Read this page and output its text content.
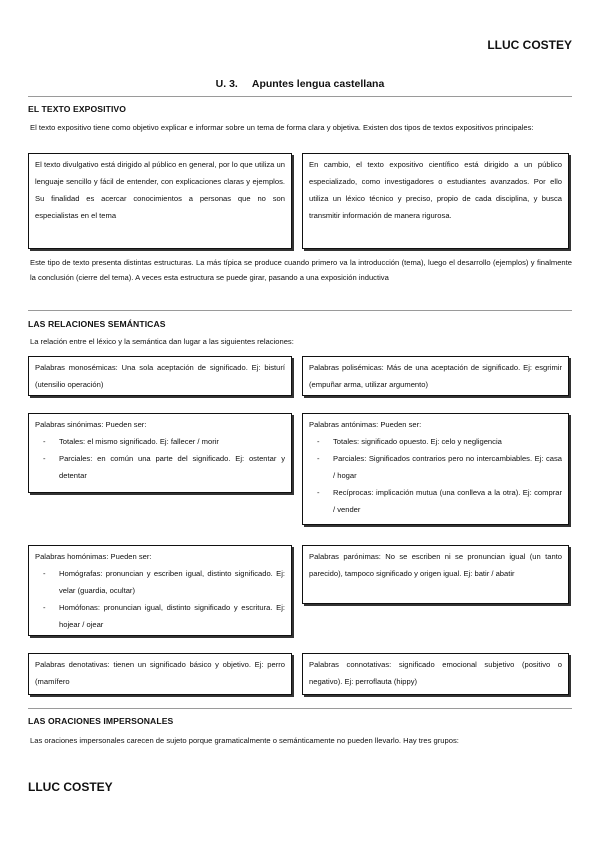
LLUC COSTEY
U. 3. Apuntes lengua castellana
EL TEXTO EXPOSITIVO
El texto expositivo tiene como objetivo explicar e informar sobre un tema de forma clara y objetiva. Existen dos tipos de textos expositivos principales:
El texto divulgativo está dirigido al público en general, por lo que utiliza un lenguaje sencillo y fácil de entender, con explicaciones claras y ejemplos. Su finalidad es acercar conocimientos a personas que no son especialistas en el tema
En cambio, el texto expositivo científico está dirigido a un público especializado, como investigadores o estudiantes avanzados. Por ello utiliza un léxico técnico y preciso, propio de cada disciplina, y busca transmitir información de manera rigurosa.
Este tipo de texto presenta distintas estructuras. La más típica se produce cuando primero va la introducción (tema), luego el desarrollo (ejemplos) y finalmente la conclusión (cierre del tema). A veces esta estructura se puede girar, pasando a una exposición inductiva
LAS RELACIONES SEMÁNTICAS
La relación entre el léxico y la semántica dan lugar a las siguientes relaciones:
Palabras monosémicas: Una sola aceptación de significado. Ej: bisturí (utensilio operación)
Palabras polisémicas: Más de una aceptación de significado. Ej: esgrimir (empuñar arma, utilizar argumento)
Palabras sinónimas: Pueden ser:
- Totales: el mismo significado. Ej: fallecer / morir
- Parciales: en común una parte del significado. Ej: ostentar y detentar
Palabras antónimas: Pueden ser:
- Totales: significado opuesto. Ej: celo y negligencia
- Parciales: Significados contrarios pero no intercambiables. Ej: casa / hogar
- Recíprocas: implicación mutua (una conlleva a la otra). Ej: comprar / vender
Palabras homónimas: Pueden ser:
- Homógrafas: pronuncian y escriben igual, distinto significado. Ej: velar (guardia, ocultar)
- Homófonas: pronuncian igual, distinto significado y escritura. Ej: hojear / ojear
Palabras parónimas: No se escriben ni se pronuncian igual (un tanto parecido), tampoco significado y origen igual. Ej: batir / abatir
Palabras denotativas: tienen un significado básico y objetivo. Ej: perro (mamífero
Palabras connotativas: significado emocional subjetivo (positivo o negativo). Ej: perroflauta (hippy)
LAS ORACIONES IMPERSONALES
Las oraciones impersonales carecen de sujeto porque gramaticalmente o semánticamente no pueden llevarlo. Hay tres grupos:
LLUC COSTEY
